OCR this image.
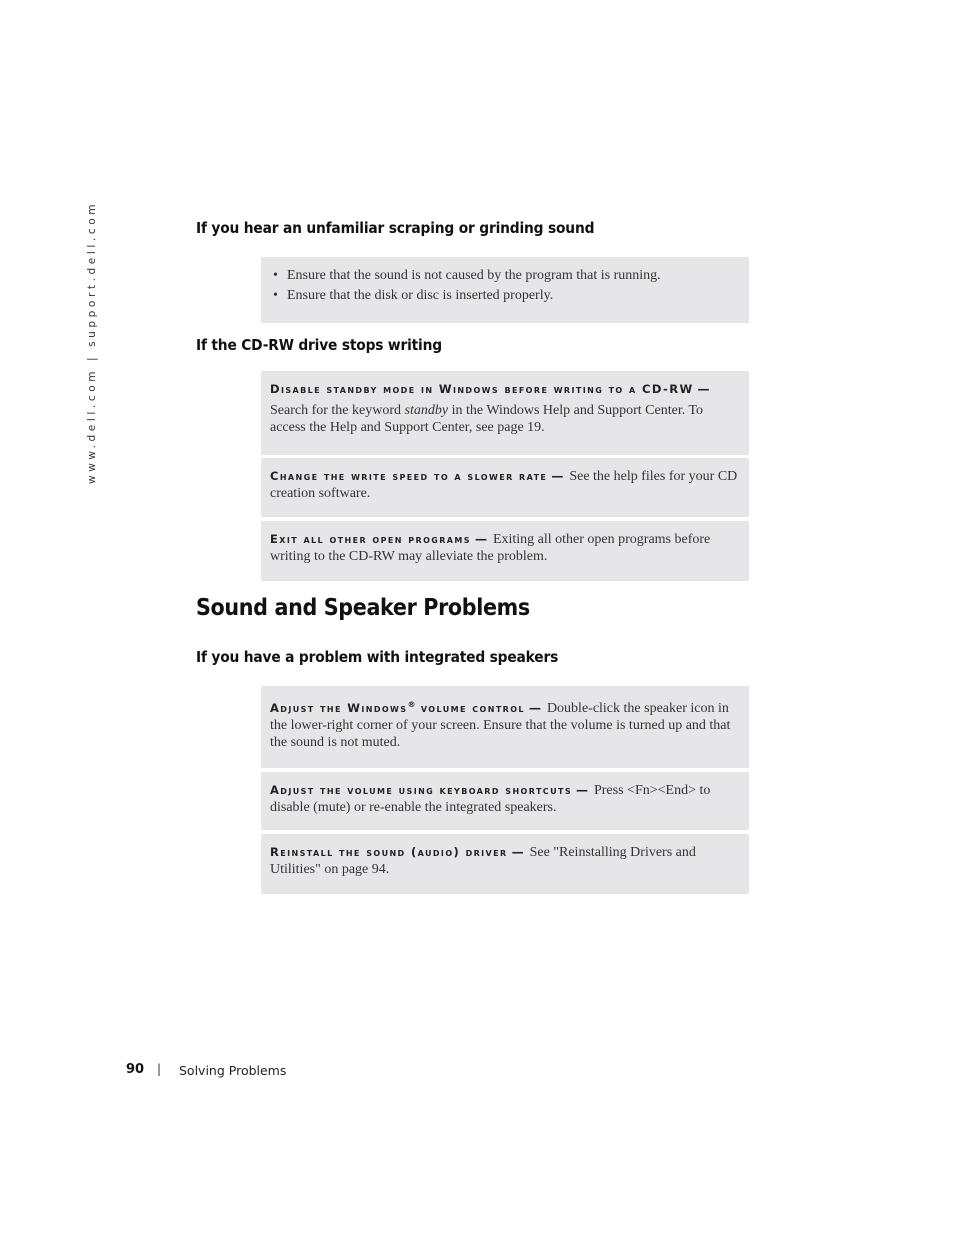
www.dell.com | support.dell.com	If you hear an unfamiliar scraping or grinding sound
• Ensure that the sound is not caused by the program that is running.
• Ensure that the disk or disc is inserted properly.
If the CD-RW drive stops writing
Disable standby mode in Windows before writing to a CD-RW —
Search for the keyword standby in the Windows Help and Support Center. To access the Help and Support Center, see page 19.
Change the write speed to a slower rate — See the help files for your CD creation software.
Exit all other open programs — Exiting all other open programs before writing to the CD-RW may alleviate the problem.
Sound and Speaker Problems
If you have a problem with integrated speakers
Adjust the Windows® volume control — Double-click the speaker icon in the lower-right corner of your screen. Ensure that the volume is turned up and that the sound is not muted.
Adjust the volume using keyboard shortcuts — Press <Fn><End> to disable (mute) or re-enable the integrated speakers.
Reinstall the sound (audio) driver — See "Reinstalling Drivers and Utilities" on page 94.
90 | Solving Problems
